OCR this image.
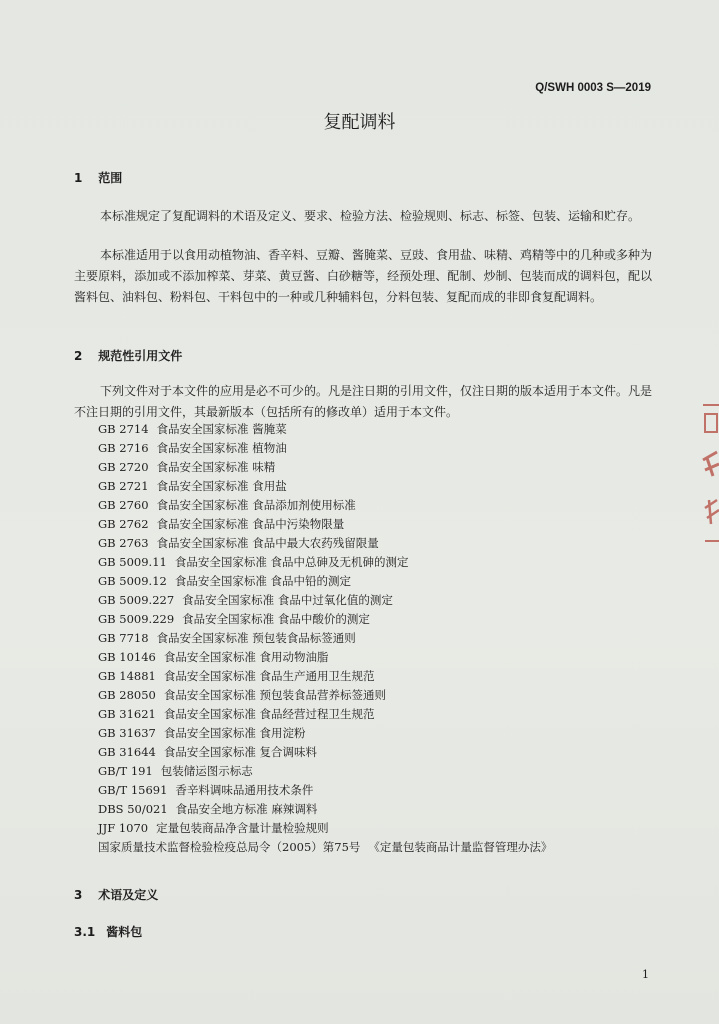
Q/SWH 0003 S—2019
复配调料
1 范围
本标准规定了复配调料的术语及定义、要求、检验方法、检验规则、标志、标签、包装、运输和贮存。
本标准适用于以食用动植物油、香辛料、豆瓣、酱腌菜、豆豉、食用盐、味精、鸡精等中的几种或多种为主要原料，添加或不添加榨菜、芽菜、黄豆酱、白砂糖等，经预处理、配制、炒制、包装而成的调料包，配以酱料包、油料包、粉料包、干料包中的一种或几种辅料包，分料包装、复配而成的非即食复配调料。
2 规范性引用文件
下列文件对于本文件的应用是必不可少的。凡是注日期的引用文件，仅注日期的版本适用于本文件。凡是不注日期的引用文件，其最新版本（包括所有的修改单）适用于本文件。
GB 2714 食品安全国家标准 酱腌菜
GB 2716 食品安全国家标准 植物油
GB 2720 食品安全国家标准 味精
GB 2721 食品安全国家标准 食用盐
GB 2760 食品安全国家标准 食品添加剂使用标准
GB 2762 食品安全国家标准 食品中污染物限量
GB 2763 食品安全国家标准 食品中最大农药残留限量
GB 5009.11 食品安全国家标准 食品中总砷及无机砷的测定
GB 5009.12 食品安全国家标准 食品中铅的测定
GB 5009.227 食品安全国家标准 食品中过氧化值的测定
GB 5009.229 食品安全国家标准 食品中酸价的测定
GB 7718 食品安全国家标准 预包装食品标签通则
GB 10146 食品安全国家标准 食用动物油脂
GB 14881 食品安全国家标准 食品生产通用卫生规范
GB 28050 食品安全国家标准 预包装食品营养标签通则
GB 31621 食品安全国家标准 食品经营过程卫生规范
GB 31637 食品安全国家标准 食用淀粉
GB 31644 食品安全国家标准 复合调味料
GB/T 191 包装储运图示标志
GB/T 15691 香辛料调味品通用技术条件
DBS 50/021 食品安全地方标准 麻辣调料
JJF 1070 定量包装商品净含量计量检验规则
国家质量技术监督检验检疫总局令（2005）第75号 《定量包装商品计量监督管理办法》
3 术语及定义
3.1 酱料包
1
